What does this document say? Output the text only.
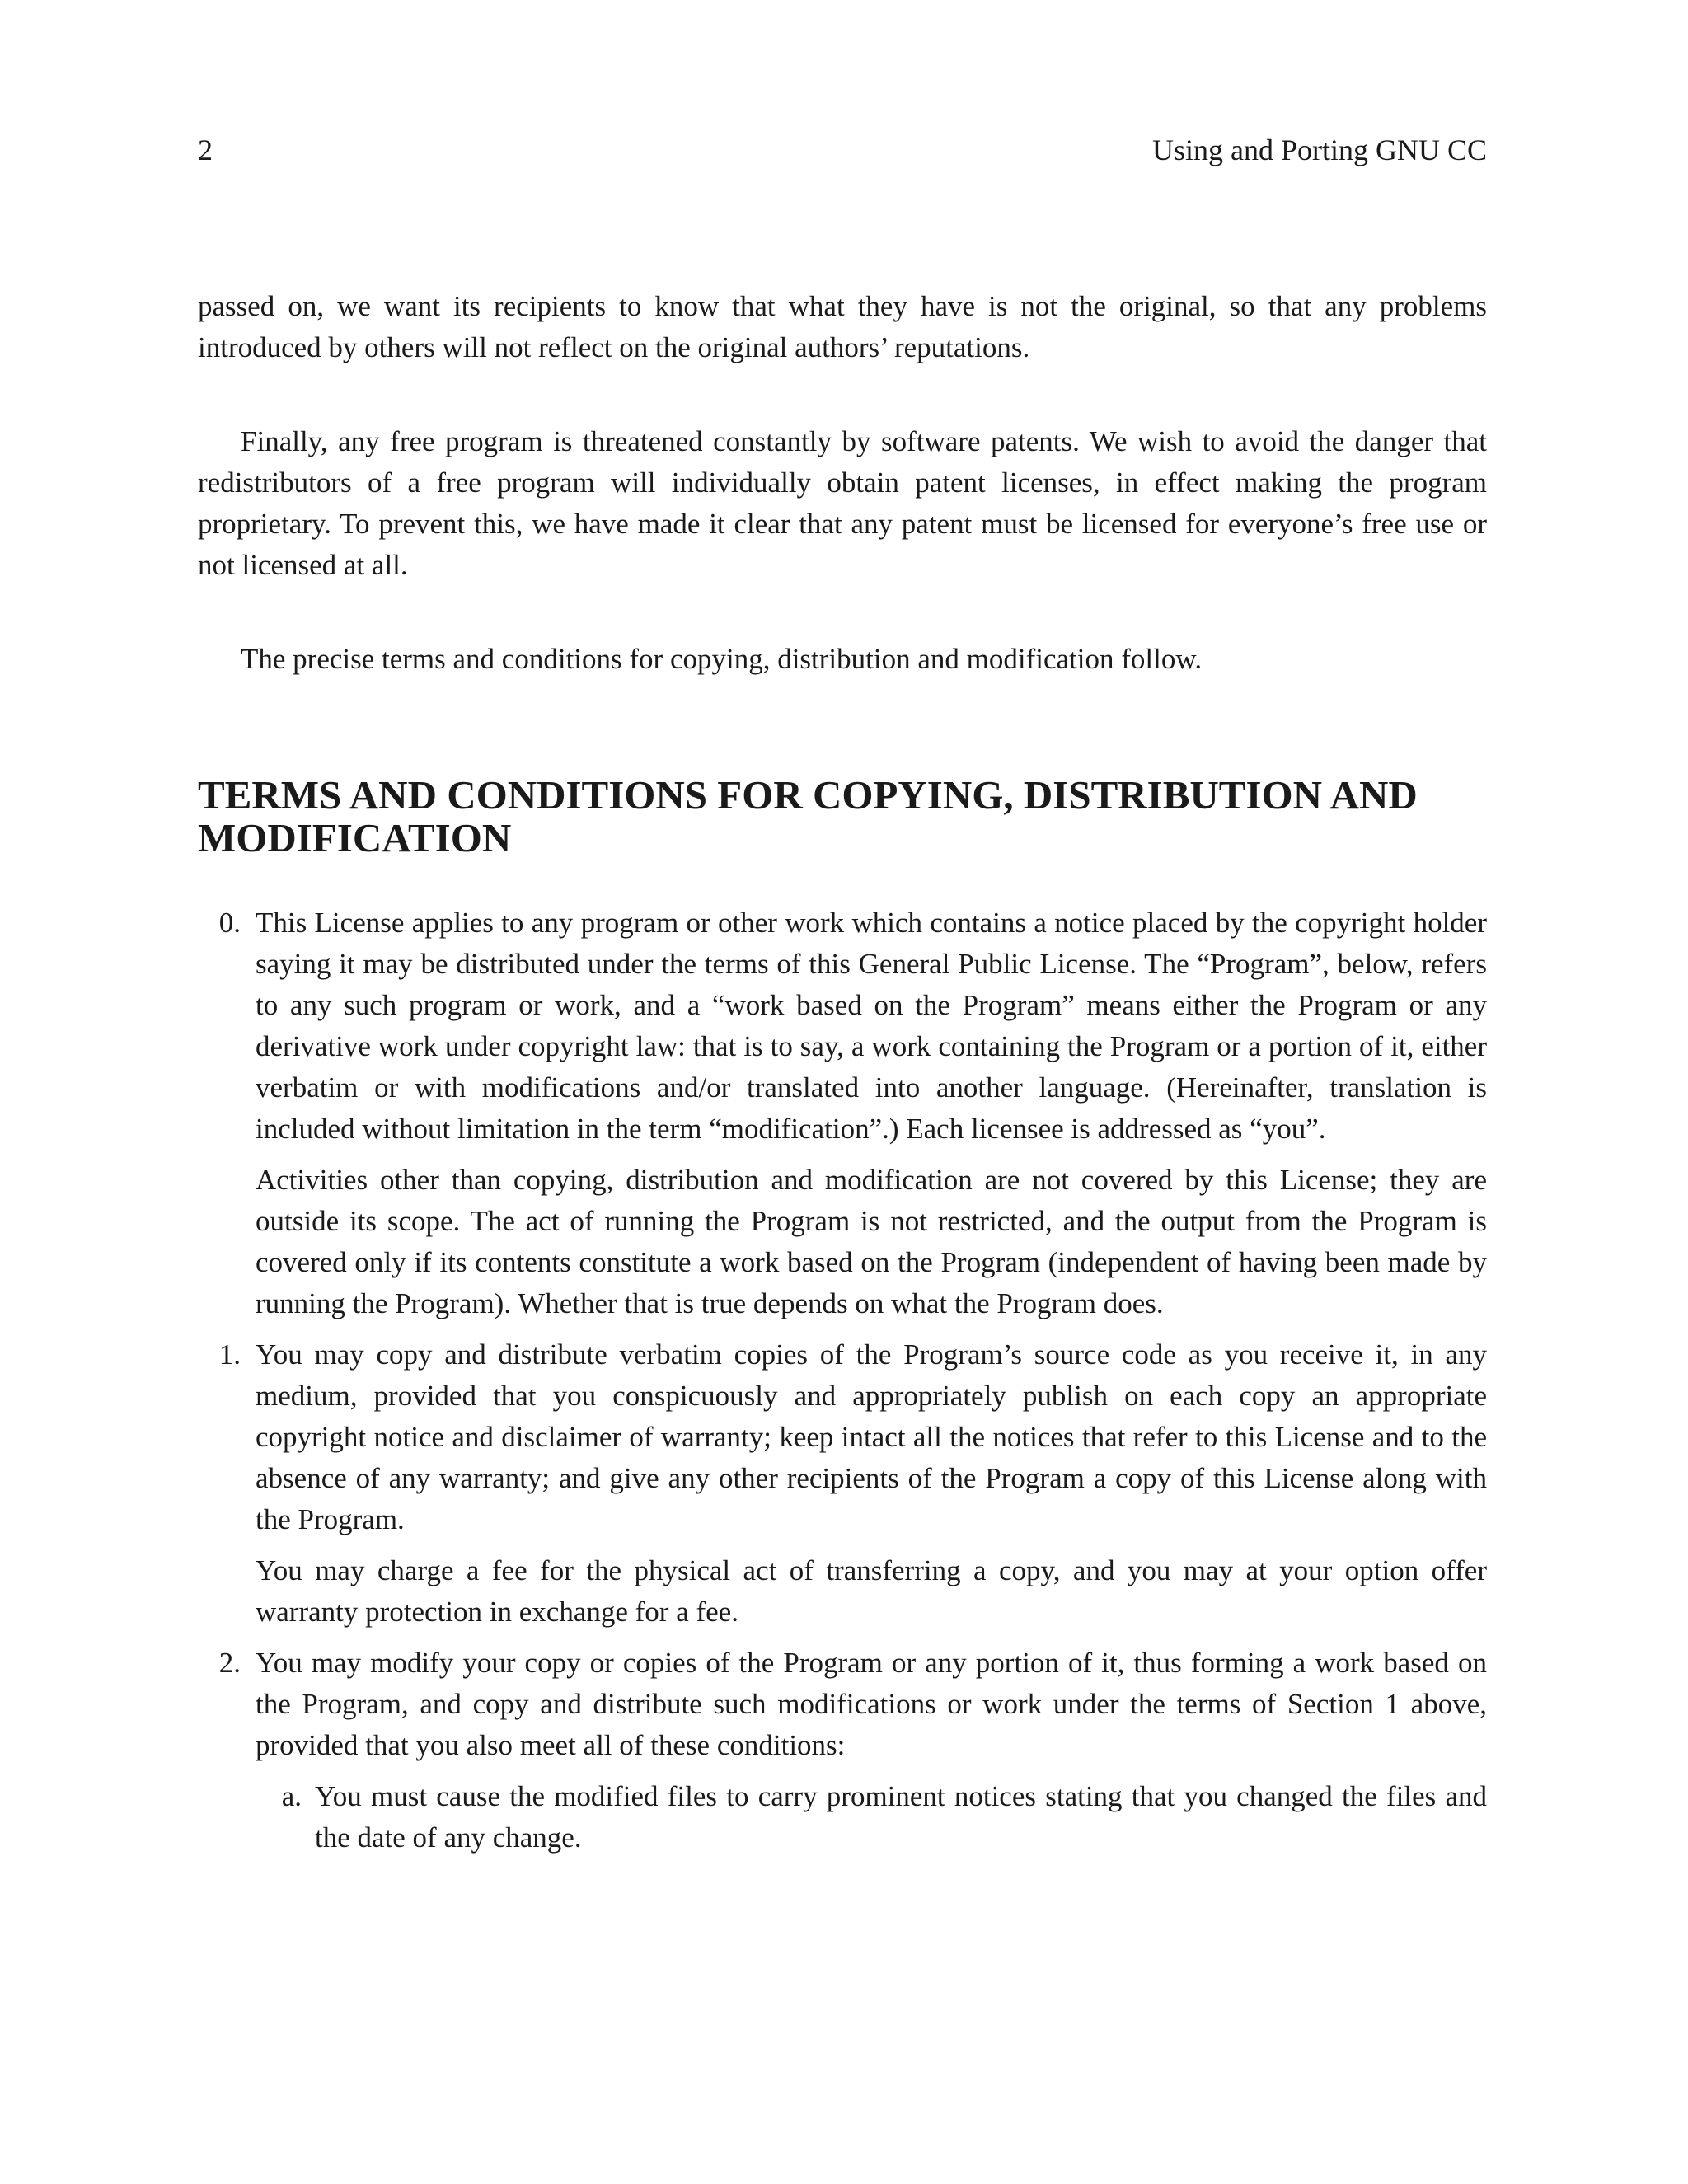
2	Using and Porting GNU CC

passed on, we want its recipients to know that what they have is not the original, so that any problems introduced by others will not reflect on the original authors’ reputations.

Finally, any free program is threatened constantly by software patents. We wish to avoid the danger that redistributors of a free program will individually obtain patent licenses, in effect making the program proprietary. To prevent this, we have made it clear that any patent must be licensed for everyone’s free use or not licensed at all.

The precise terms and conditions for copying, distribution and modification follow.

TERMS AND CONDITIONS FOR COPYING, DISTRIBUTION AND MODIFICATION
0. This License applies to any program or other work which contains a notice placed by the copyright holder saying it may be distributed under the terms of this General Public License. The “Program”, below, refers to any such program or work, and a “work based on the Program” means either the Program or any derivative work under copyright law: that is to say, a work containing the Program or a portion of it, either verbatim or with modifications and/or translated into another language. (Hereinafter, translation is included without limitation in the term “modification”.) Each licensee is addressed as “you”.

Activities other than copying, distribution and modification are not covered by this License; they are outside its scope. The act of running the Program is not restricted, and the output from the Program is covered only if its contents constitute a work based on the Program (independent of having been made by running the Program). Whether that is true depends on what the Program does.

1. You may copy and distribute verbatim copies of the Program’s source code as you receive it, in any medium, provided that you conspicuously and appropriately publish on each copy an appropriate copyright notice and disclaimer of warranty; keep intact all the notices that refer to this License and to the absence of any warranty; and give any other recipients of the Program a copy of this License along with the Program.

You may charge a fee for the physical act of transferring a copy, and you may at your option offer warranty protection in exchange for a fee.

2. You may modify your copy or copies of the Program or any portion of it, thus forming a work based on the Program, and copy and distribute such modifications or work under the terms of Section 1 above, provided that you also meet all of these conditions:

a. You must cause the modified files to carry prominent notices stating that you changed the files and the date of any change.
